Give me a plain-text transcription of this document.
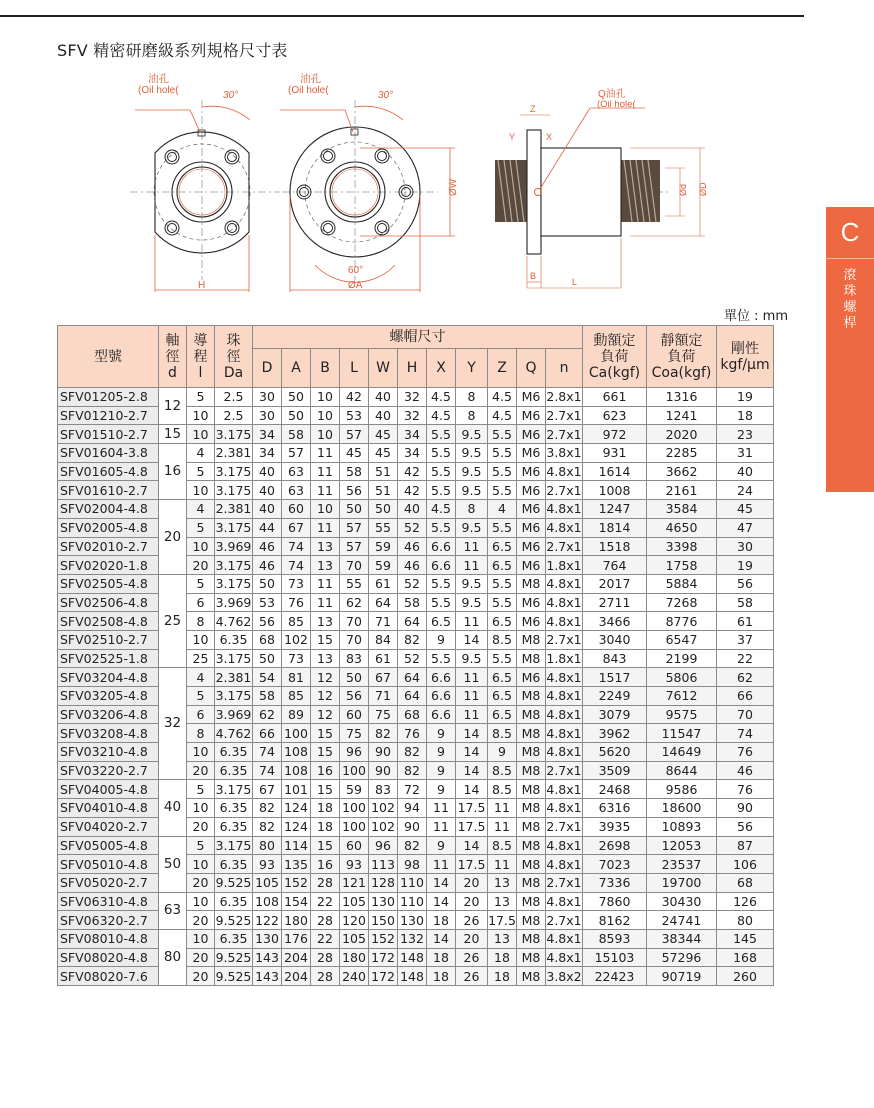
SFV 精密研磨級系列規格尺寸表
油孔
(Oil hole(	30°
H
油孔
(Oil hole(	30°
60°
ØA
ØW
Q油孔
(Oil hole(
Z
Y	X
Ød ØD
B
L
C
滾
珠
螺
桿
單位 : mm
型號	軸
徑
d	導
程
l	珠
徑
Da	螺帽尺寸											動額定
負荷
Ca(kgf)	靜額定
負荷
Coa(kgf)	剛性
kgf/μm
				D	A	B	L	W	H	X	Y	Z	Q	n			
SFV01205-2.8	12	5	2.5	30	50	10	42	40	32	4.5	8	4.5	M6	2.8x1	661	1316	19
SFV01210-2.7		10	2.5	30	50	10	53	40	32	4.5	8	4.5	M6	2.7x1	623	1241	18
SFV01510-2.7	15	10	3.175	34	58	10	57	45	34	5.5	9.5	5.5	M6	2.7x1	972	2020	23
SFV01604-3.8	16	4	2.381	34	57	11	45	45	34	5.5	9.5	5.5	M6	3.8x1	931	2285	31
SFV01605-4.8		5	3.175	40	63	11	58	51	42	5.5	9.5	5.5	M6	4.8x1	1614	3662	40
SFV01610-2.7		10	3.175	40	63	11	56	51	42	5.5	9.5	5.5	M6	2.7x1	1008	2161	24
SFV02004-4.8	20	4	2.381	40	60	10	50	50	40	4.5	8	4	M6	4.8x1	1247	3584	45
SFV02005-4.8		5	3.175	44	67	11	57	55	52	5.5	9.5	5.5	M6	4.8x1	1814	4650	47
SFV02010-2.7		10	3.969	46	74	13	57	59	46	6.6	11	6.5	M6	2.7x1	1518	3398	30
SFV02020-1.8		20	3.175	46	74	13	70	59	46	6.6	11	6.5	M6	1.8x1	764	1758	19
SFV02505-4.8	25	5	3.175	50	73	11	55	61	52	5.5	9.5	5.5	M8	4.8x1	2017	5884	56
SFV02506-4.8		6	3.969	53	76	11	62	64	58	5.5	9.5	5.5	M6	4.8x1	2711	7268	58
SFV02508-4.8		8	4.762	56	85	13	70	71	64	6.5	11	6.5	M6	4.8x1	3466	8776	61
SFV02510-2.7		10	6.35	68	102	15	70	84	82	9	14	8.5	M8	2.7x1	3040	6547	37
SFV02525-1.8		25	3.175	50	73	13	83	61	52	5.5	9.5	5.5	M8	1.8x1	843	2199	22
SFV03204-4.8	32	4	2.381	54	81	12	50	67	64	6.6	11	6.5	M6	4.8x1	1517	5806	62
SFV03205-4.8		5	3.175	58	85	12	56	71	64	6.6	11	6.5	M8	4.8x1	2249	7612	66
SFV03206-4.8		6	3.969	62	89	12	60	75	68	6.6	11	6.5	M8	4.8x1	3079	9575	70
SFV03208-4.8		8	4.762	66	100	15	75	82	76	9	14	8.5	M8	4.8x1	3962	11547	74
SFV03210-4.8		10	6.35	74	108	15	96	90	82	9	14	9	M8	4.8x1	5620	14649	76
SFV03220-2.7		20	6.35	74	108	16	100	90	82	9	14	8.5	M8	2.7x1	3509	8644	46
SFV04005-4.8	40	5	3.175	67	101	15	59	83	72	9	14	8.5	M8	4.8x1	2468	9586	76
SFV04010-4.8		10	6.35	82	124	18	100	102	94	11	17.5	11	M8	4.8x1	6316	18600	90
SFV04020-2.7		20	6.35	82	124	18	100	102	90	11	17.5	11	M8	2.7x1	3935	10893	56
SFV05005-4.8	50	5	3.175	80	114	15	60	96	82	9	14	8.5	M8	4.8x1	2698	12053	87
SFV05010-4.8		10	6.35	93	135	16	93	113	98	11	17.5	11	M8	4.8x1	7023	23537	106
SFV05020-2.7		20	9.525	105	152	28	121	128	110	14	20	13	M8	2.7x1	7336	19700	68
SFV06310-4.8	63	10	6.35	108	154	22	105	130	110	14	20	13	M8	4.8x1	7860	30430	126
SFV06320-2.7		20	9.525	122	180	28	120	150	130	18	26	17.5	M8	2.7x1	8162	24741	80
SFV08010-4.8	80	10	6.35	130	176	22	105	152	132	14	20	13	M8	4.8x1	8593	38344	145
SFV08020-4.8		20	9.525	143	204	28	180	172	148	18	26	18	M8	4.8x1	15103	57296	168
SFV08020-7.6		20	9.525	143	204	28	240	172	148	18	26	18	M8	3.8x2	22423	90719	260
